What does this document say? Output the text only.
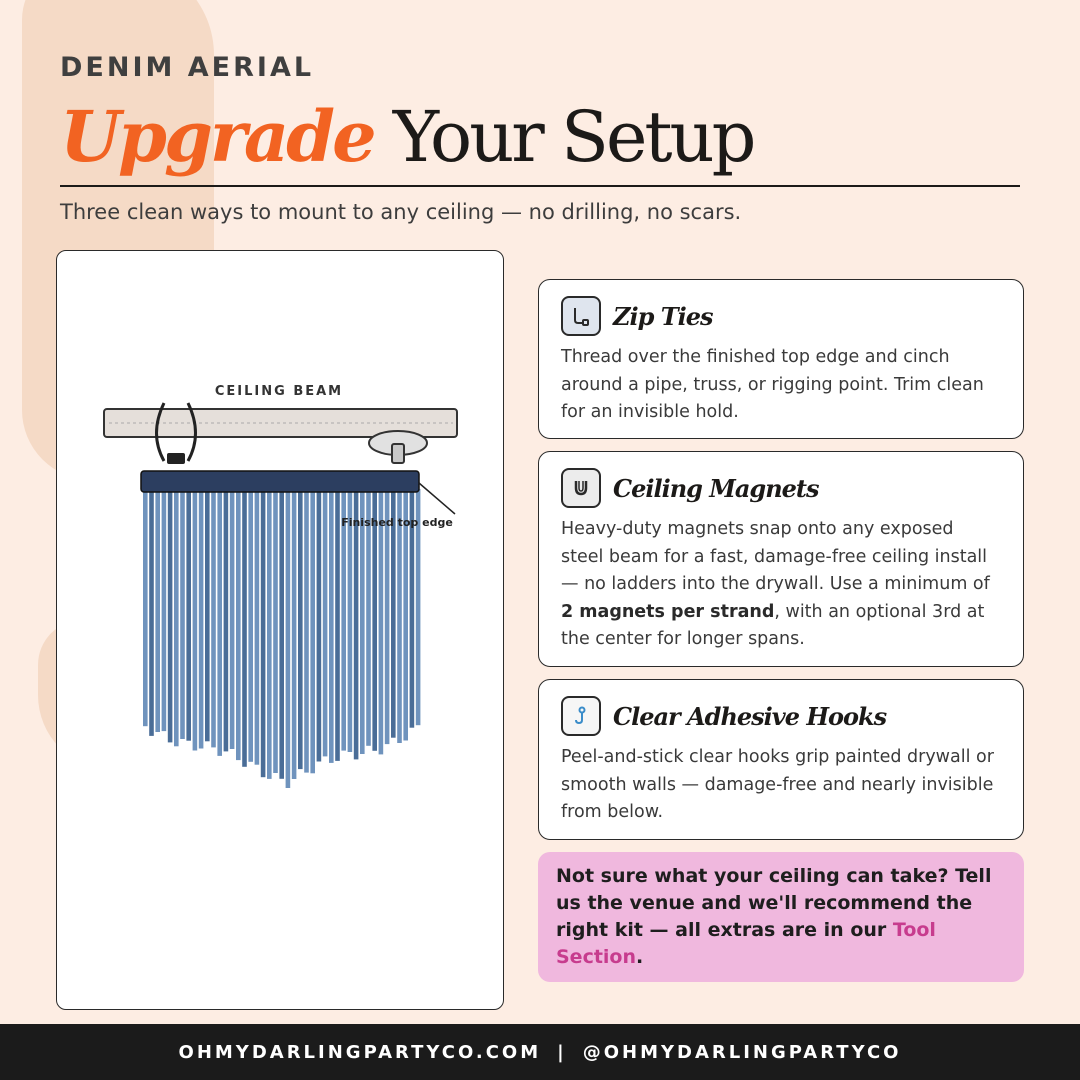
DENIM AERIAL
Upgrade Your Setup
Three clean ways to mount to any ceiling — no drilling, no scars.
CEILING BEAM
Finished top edge
Zip Ties
Thread over the finished top edge and cinch around a pipe, truss, or rigging point. Trim clean for an invisible hold.
Ceiling Magnets
Heavy-duty magnets snap onto any exposed steel beam for a fast, damage-free ceiling install — no ladders into the drywall. Use a minimum of 2 magnets per strand, with an optional 3rd at the center for longer spans.
Clear Adhesive Hooks
Peel-and-stick clear hooks grip painted drywall or smooth walls — damage-free and nearly invisible from below.
Not sure what your ceiling can take? Tell us the venue and we'll recommend the right kit — all extras are in our Tool Section.
OHMYDARLINGPARTYCO.COM | @OHMYDARLINGPARTYCO
